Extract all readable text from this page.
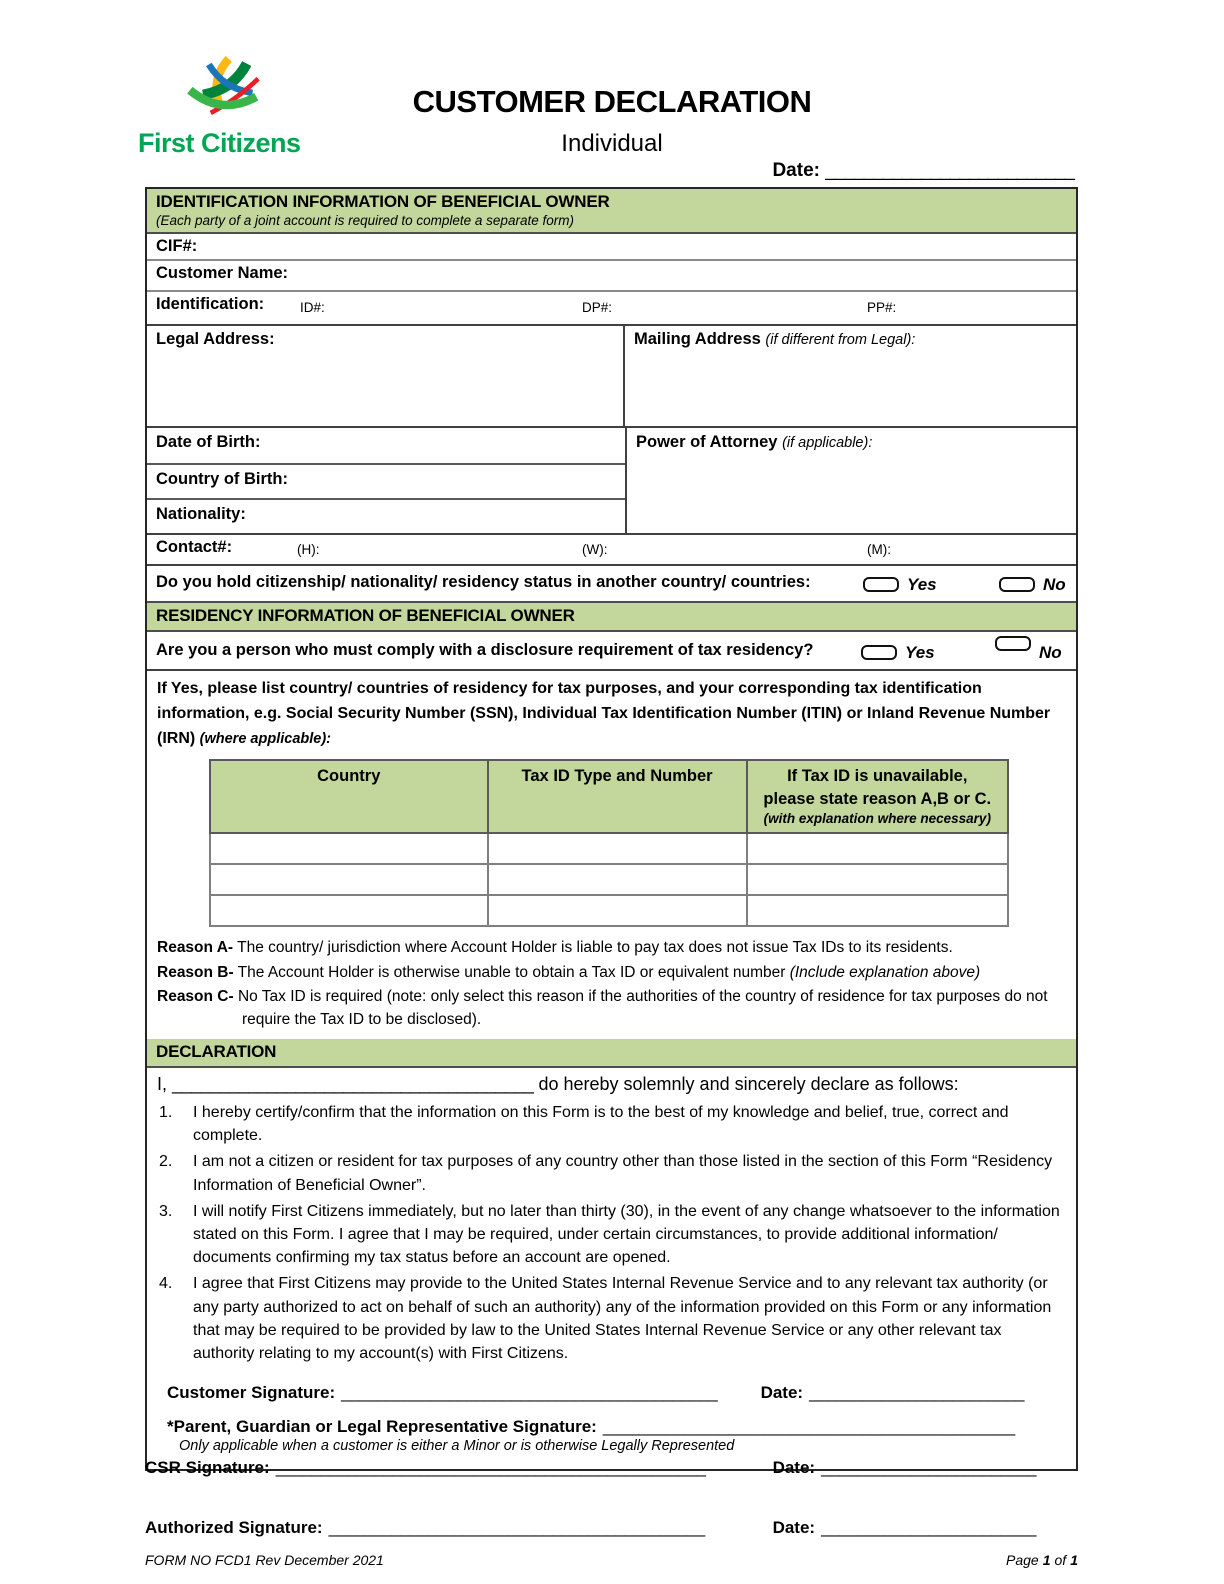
First Citizens
CUSTOMER DECLARATION
Individual
Date: __________________________
IDENTIFICATION INFORMATION OF BENEFICIAL OWNER
(Each party of a joint account is required to complete a separate form)
CIF#:
Customer Name:
Identification:	ID#:	DP#:	PP#:
Legal Address:	Mailing Address (if different from Legal):
Date of Birth:
Country of Birth:
Nationality:
Power of Attorney (if applicable):
Contact#:	(H):	(W):	(M):
Do you hold citizenship/ nationality/ residency status in another country/ countries:	Yes	No
RESIDENCY INFORMATION OF BENEFICIAL OWNER
Are you a person who must comply with a disclosure requirement of tax residency?	Yes	No

If Yes, please list country/ countries of residency for tax purposes, and your corresponding tax identification information, e.g. Social Security Number (SSN), Individual Tax Identification Number (ITIN) or Inland Revenue Number (IRN) (where applicable):

Country	Tax ID Type and Number	If Tax ID is unavailable,
please state reason A,B or C.
(with explanation where necessary)

Reason A- The country/ jurisdiction where Account Holder is liable to pay tax does not issue Tax IDs to its residents.

Reason B- The Account Holder is otherwise unable to obtain a Tax ID or equivalent number (Include explanation above)

Reason C- No Tax ID is required (note: only select this reason if the authorities of the country of residence for tax purposes do not require the Tax ID to be disclosed).

DECLARATION
I, ______________________________________ do hereby solemnly and sincerely declare as follows:
1.	I hereby certify/confirm that the information on this Form is to the best of my knowledge and belief, true, correct and complete.
2.	I am not a citizen or resident for tax purposes of any country other than those listed in the section of this Form “Residency Information of Beneficial Owner”.
3.	I will notify First Citizens immediately, but no later than thirty (30), in the event of any change whatsoever to the information stated on this Form. I agree that I may be required, under certain circumstances, to provide additional information/ documents confirming my tax status before an account are opened.
4.	I agree that First Citizens may provide to the United States Internal Revenue Service and to any relevant tax authority (or any party authorized to act on behalf of such an authority) any of the information provided on this Form or any information that may be required to be provided by law to the United States Internal Revenue Service or any other relevant tax authority relating to my account(s) with First Citizens.
Customer Signature: __________________________________________	Date: ________________________
*Parent, Guardian or Legal Representative Signature: ______________________________________________
Only applicable when a customer is either a Minor or is otherwise Legally Represented
CSR Signature: ________________________________________________	Date: ________________________
Authorized Signature: __________________________________________	Date: ________________________
FORM NO FCD1 Rev December 2021	Page 1 of 1
